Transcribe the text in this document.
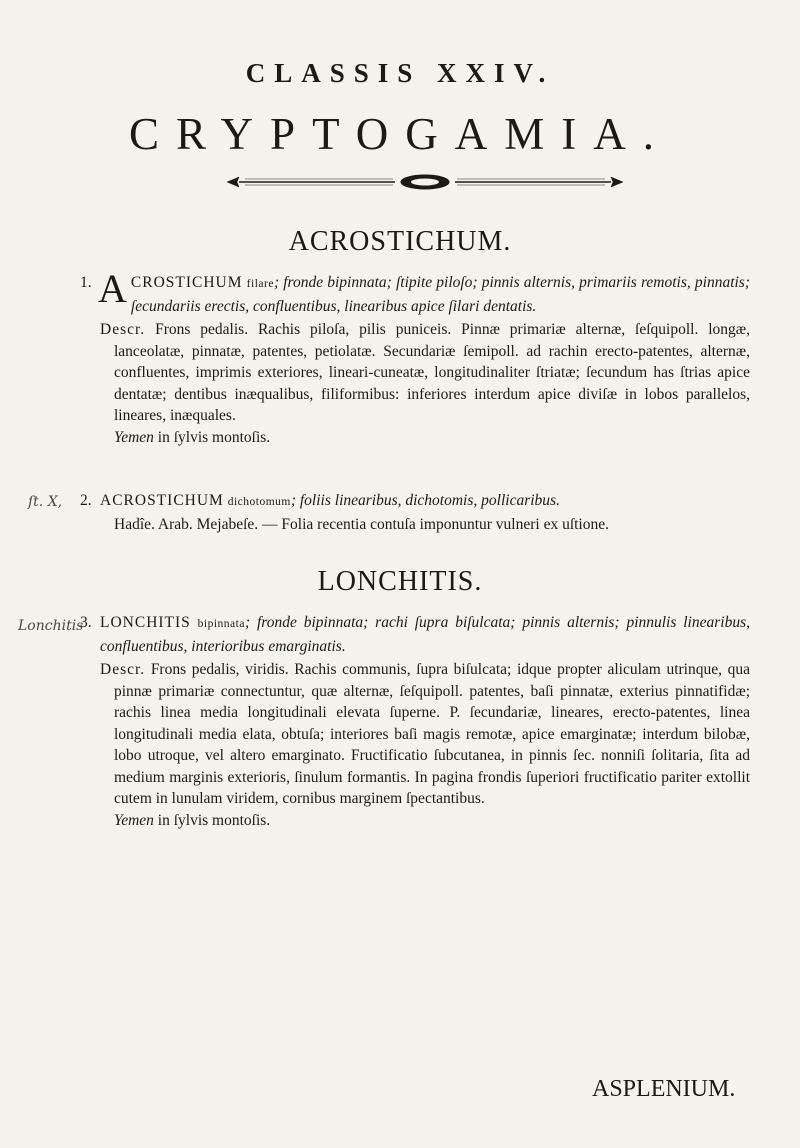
CLASSIS XXIV.
CRYPTOGAMIA.
ACROSTICHUM.
1. A CROSTICHUM filare; fronde bipinnata; ſtipite piloſo; pinnis alternis, primariis remotis, pinnatis; ſecundariis erectis, confluentibus, linearibus apice ſilari dentatis.
Descr. Frons pedalis. Rachis piloſa, pilis puniceis. Pinnæ primariæ alternæ, ſeſquipoll. longæ, lanceolatæ, pinnatæ, patentes, petiolatæ. Secundariæ ſemipoll. ad rachin erecto-patentes, alternæ, confluentes, imprimis exteriores, lineari-cuneatæ, longitudinaliter ſtriatæ; ſecundum has ſtrias apice dentatæ; dentibus inæqualibus, filiformibus: inferiores interdum apice diviſæ in lobos parallelos, lineares, inæquales.
Yemen in ſylvis montoſis.
ſt. X, 2. ACROSTICHUM dichotomum; foliis linearibus, dichotomis, pollicaribus.
Hadîe. Arab. Mejabeſe. — Folia recentia contuſa imponuntur vulneri ex uſtione.
LONCHITIS.
Lonchitis
3. LONCHITIS bipinnata; fronde bipinnata; rachi ſupra biſulcata; pinnis alternis; pinnulis linearibus, confluentibus, interioribus emarginatis.
Descr. Frons pedalis, viridis. Rachis communis, ſupra biſulcata; idque propter aliculam utrinque, qua pinnæ primariæ connectuntur, quæ alternæ, ſeſquipoll. patentes, baſi pinnatæ, exterius pinnatifidæ; rachis linea media longitudinali elevata ſuperne. P. ſecundariæ, lineares, erecto-patentes, linea longitudinali media elata, obtuſa; interiores baſi magis remotæ, apice emarginatæ; interdum bilobæ, lobo utroque, vel altero emarginato. Fructificatio ſubcutanea, in pinnis ſec. nonniſi ſolitaria, ſita ad medium marginis exterioris, ſinulum formantis. In pagina frondis ſuperiori fructificatio pariter extollit cutem in lunulam viridem, cornibus marginem ſpectantibus.
Yemen in ſylvis montoſis.
ASPLENIUM.
